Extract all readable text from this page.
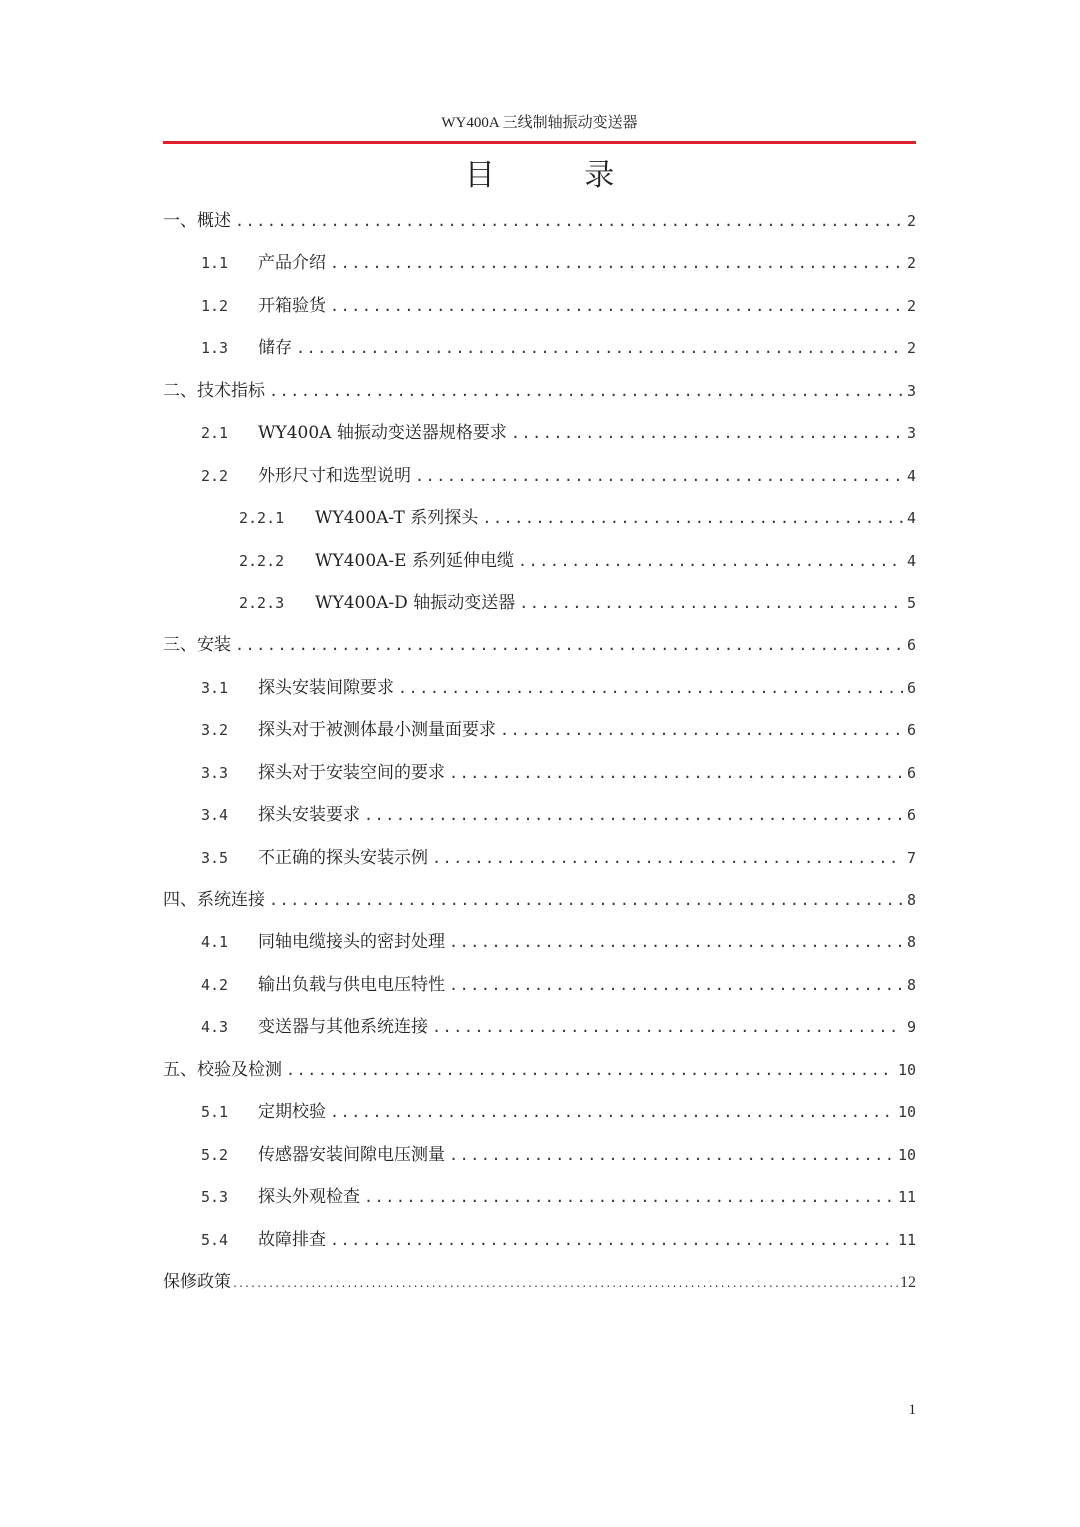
WY400A 三线制轴振动变送器
目 录
一、概述 .....	2
1.1	产品介绍 .....	2
1.2	开箱验货 .....	2
1.3	储存 .....	2
二、技术指标 .....	3
2.1	WY400A 轴振动变送器规格要求 .....	3
2.2	外形尺寸和选型说明 .....	4
2.2.1	WY400A-T 系列探头 .....	4
2.2.2	WY400A-E 系列延伸电缆 .....	4
2.2.3	WY400A-D 轴振动变送器 .....	5
三、安装 .....	6
3.1	探头安装间隙要求 .....	6
3.2	探头对于被测体最小测量面要求 .....	6
3.3	探头对于安装空间的要求 .....	6
3.4	探头安装要求 .....	6
3.5	不正确的探头安装示例 .....	7
四、系统连接 .....	8
4.1	同轴电缆接头的密封处理 .....	8
4.2	输出负载与供电电压特性 .....	8
4.3	变送器与其他系统连接 .....	9
五、校验及检测 .....	10
5.1	定期校验 .....	10
5.2	传感器安装间隙电压测量 .....	10
5.3	探头外观检查 .....	11
5.4	故障排查 .....	11
保修政策 .....	12
1
